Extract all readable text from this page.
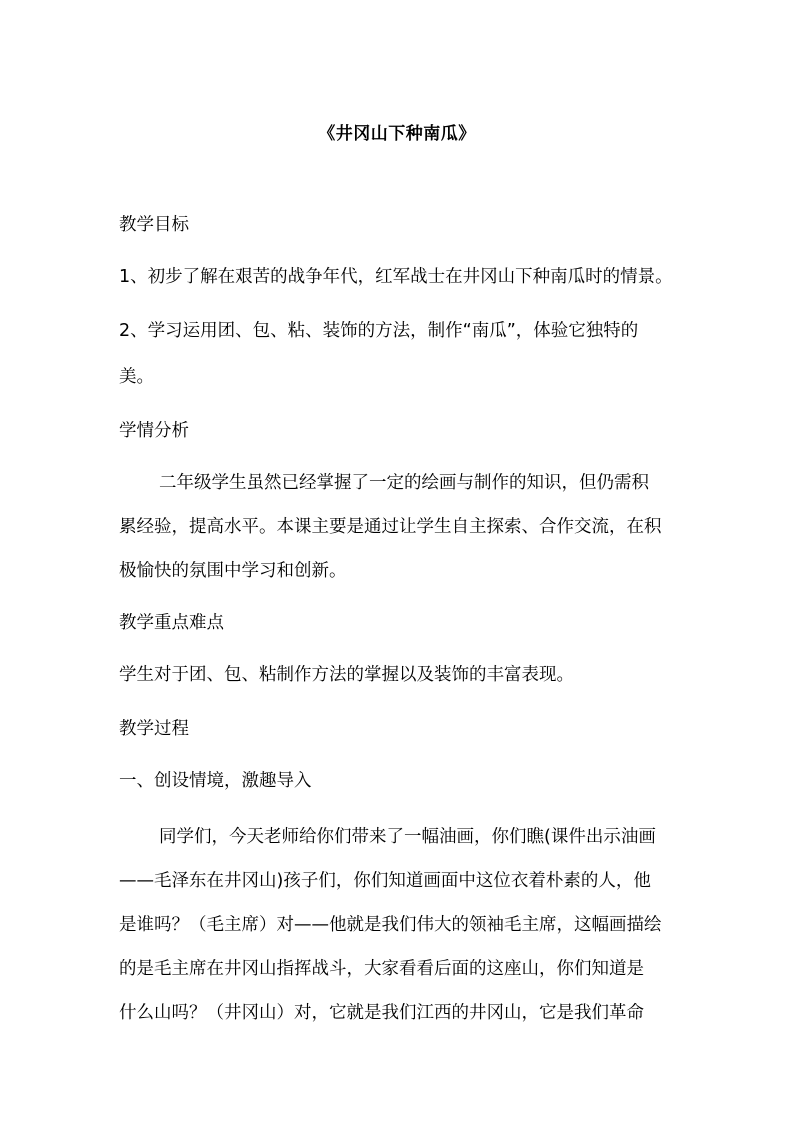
《井冈山下种南瓜》
教学目标
1、初步了解在艰苦的战争年代，红军战士在井冈山下种南瓜时的情景。
2、学习运用团、包、粘、装饰的方法，制作“南瓜”，体验它独特的
美。
学情分析
二年级学生虽然已经掌握了一定的绘画与制作的知识，但仍需积
累经验，提高水平。本课主要是通过让学生自主探索、合作交流，在积
极愉快的氛围中学习和创新。
教学重点难点
学生对于团、包、粘制作方法的掌握以及装饰的丰富表现。
教学过程
一、创设情境，激趣导入
同学们，今天老师给你们带来了一幅油画，你们瞧(课件出示油画
——毛泽东在井冈山)孩子们，你们知道画面中这位衣着朴素的人，他
是谁吗？（毛主席）对——他就是我们伟大的领袖毛主席，这幅画描绘
的是毛主席在井冈山指挥战斗，大家看看后面的这座山，你们知道是
什么山吗？（井冈山）对，它就是我们江西的井冈山，它是我们革命
